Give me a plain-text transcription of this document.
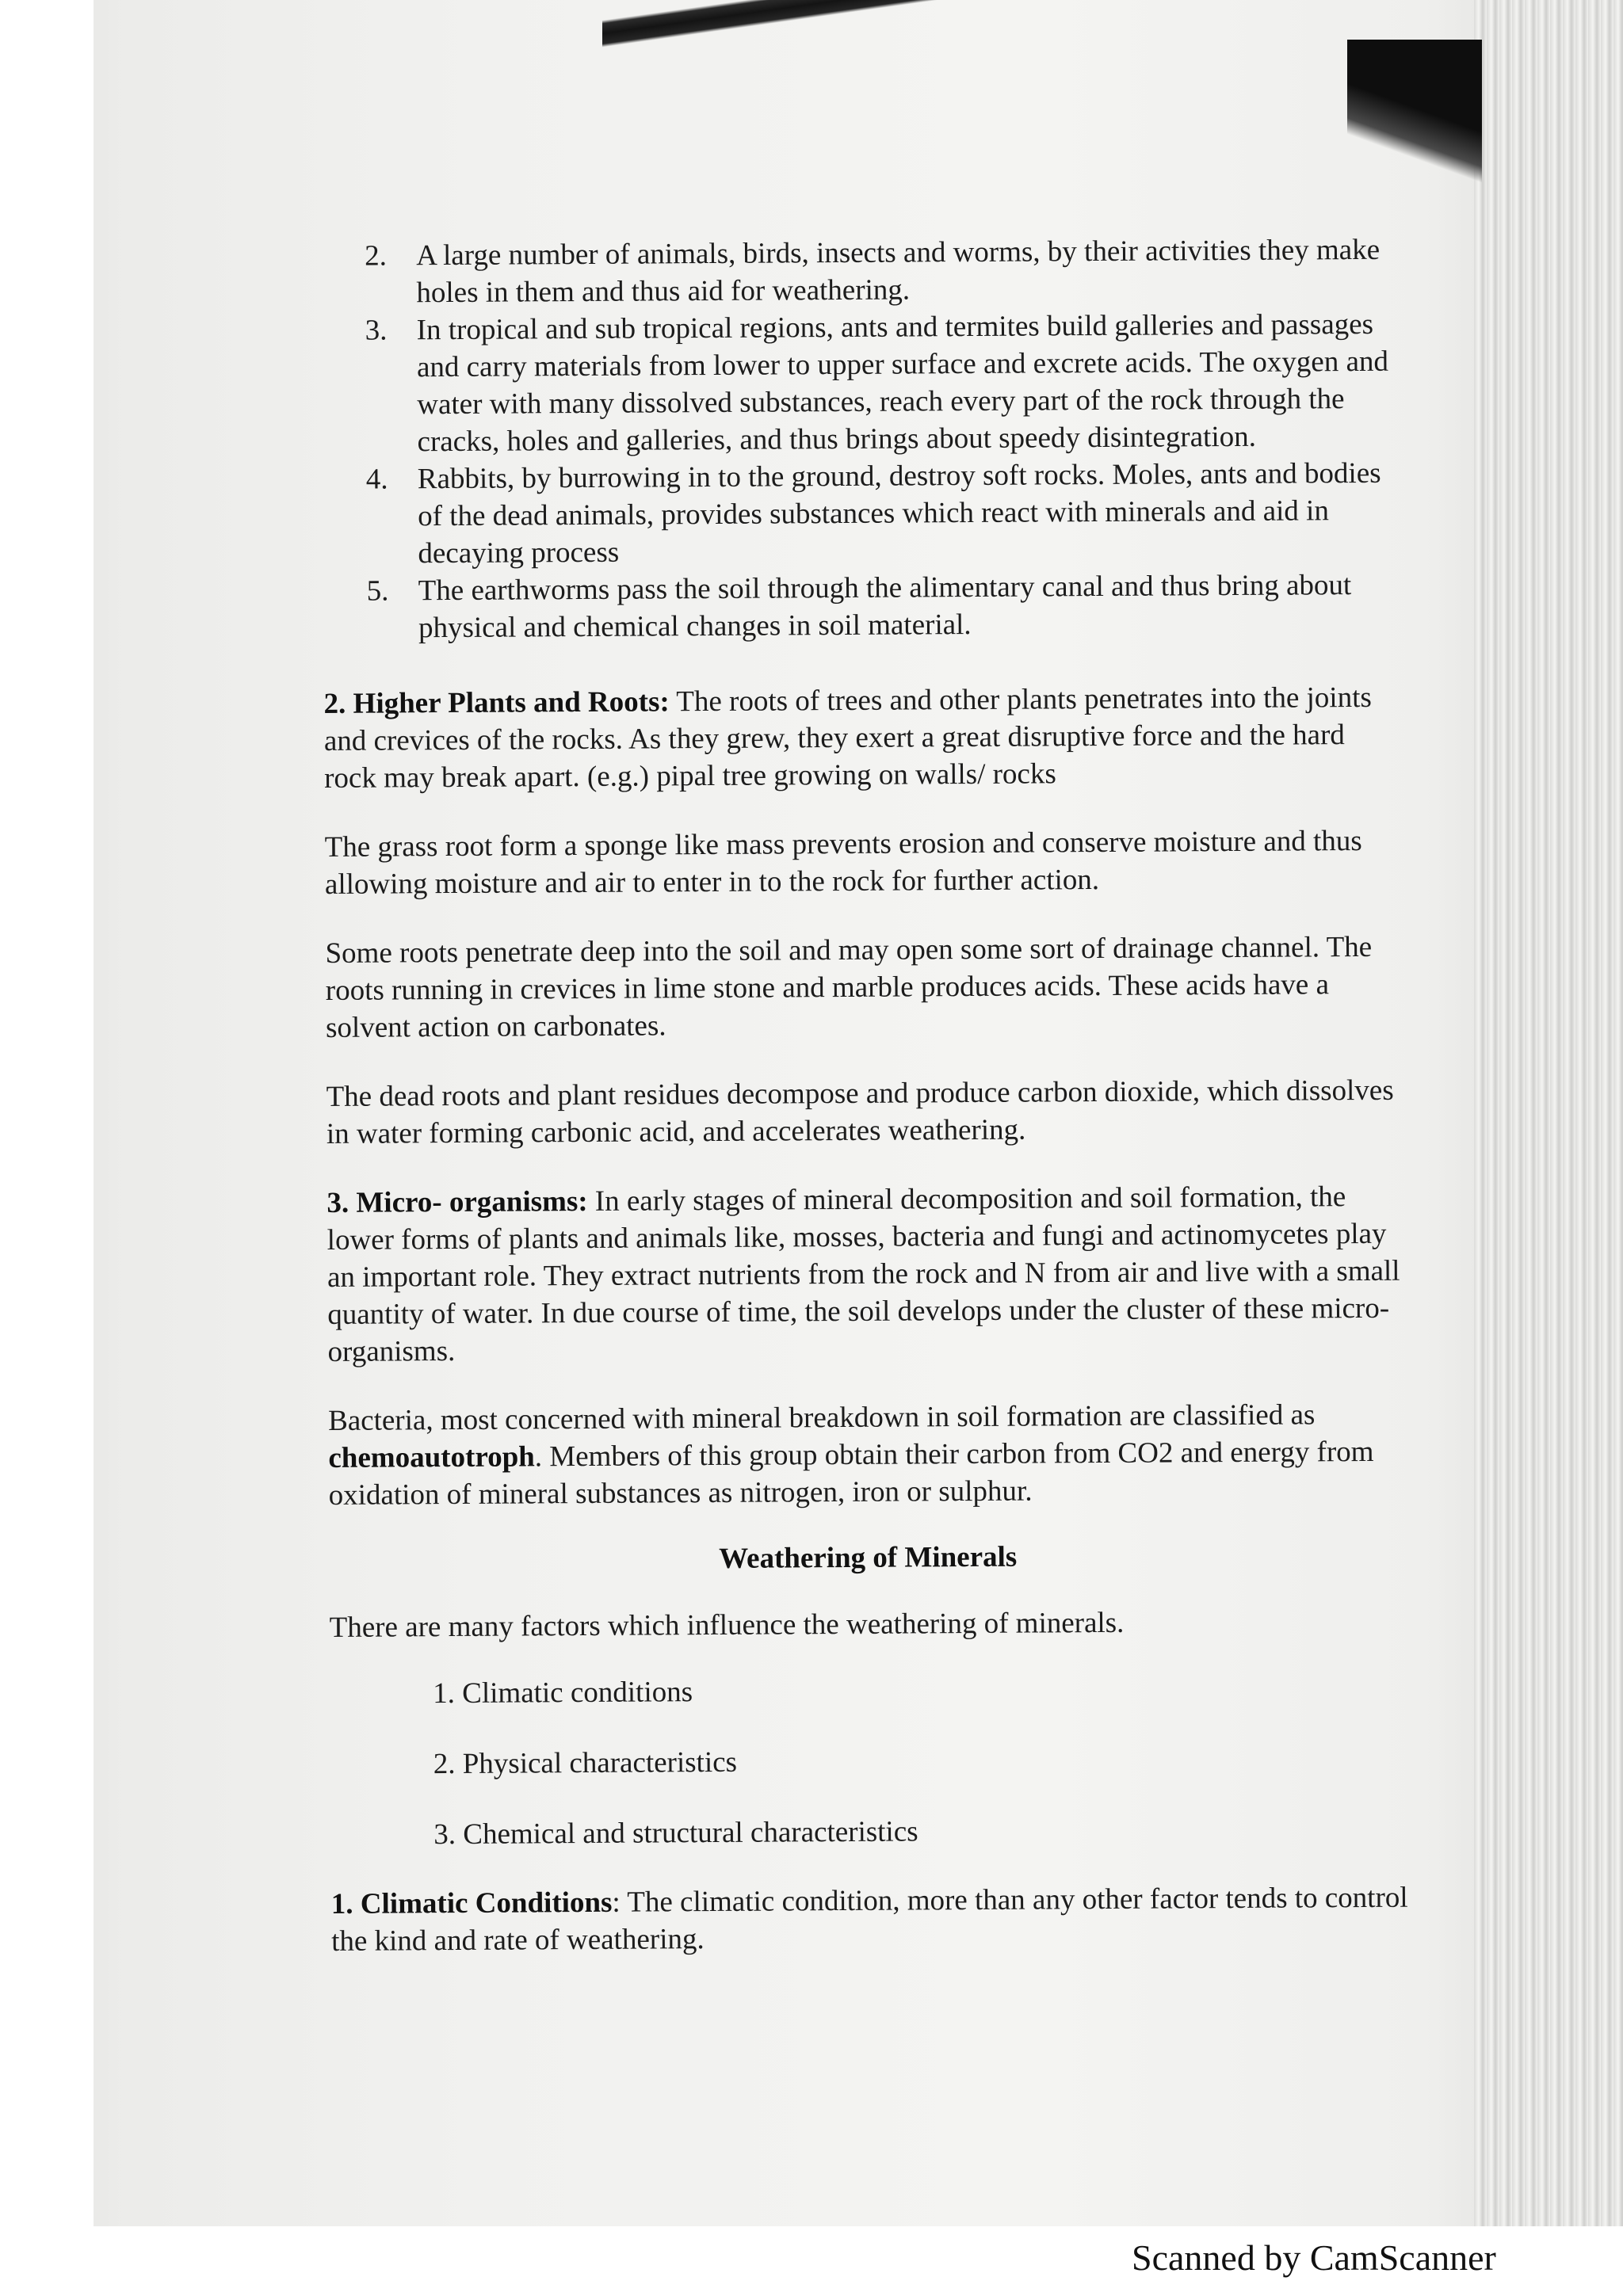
2. A large number of animals, birds, insects and worms, by their activities they make holes in them and thus aid for weathering.
3. In tropical and sub tropical regions, ants and termites build galleries and passages and carry materials from lower to upper surface and excrete acids. The oxygen and water with many dissolved substances, reach every part of the rock through the cracks, holes and galleries, and thus brings about speedy disintegration.
4. Rabbits, by burrowing in to the ground, destroy soft rocks. Moles, ants and bodies of the dead animals, provides substances which react with minerals and aid in decaying process
5. The earthworms pass the soil through the alimentary canal and thus bring about physical and chemical changes in soil material.

2. Higher Plants and Roots: The roots of trees and other plants penetrates into the joints and crevices of the rocks. As they grew, they exert a great disruptive force and the hard rock may break apart. (e.g.) pipal tree growing on walls/ rocks

The grass root form a sponge like mass prevents erosion and conserve moisture and thus allowing moisture and air to enter in to the rock for further action.

Some roots penetrate deep into the soil and may open some sort of drainage channel. The roots running in crevices in lime stone and marble produces acids. These acids have a solvent action on carbonates.

The dead roots and plant residues decompose and produce carbon dioxide, which dissolves in water forming carbonic acid, and accelerates weathering.

3. Micro- organisms: In early stages of mineral decomposition and soil formation, the lower forms of plants and animals like, mosses, bacteria and fungi and actinomycetes play an important role. They extract nutrients from the rock and N from air and live with a small quantity of water. In due course of time, the soil develops under the cluster of these micro-organisms.

Bacteria, most concerned with mineral breakdown in soil formation are classified as chemoautotroph. Members of this group obtain their carbon from CO2 and energy from oxidation of mineral substances as nitrogen, iron or sulphur.

Weathering of Minerals

There are many factors which influence the weathering of minerals.

1. Climatic conditions

2. Physical characteristics

3. Chemical and structural characteristics

1. Climatic Conditions: The climatic condition, more than any other factor tends to control the kind and rate of weathering.

Scanned by CamScanner
